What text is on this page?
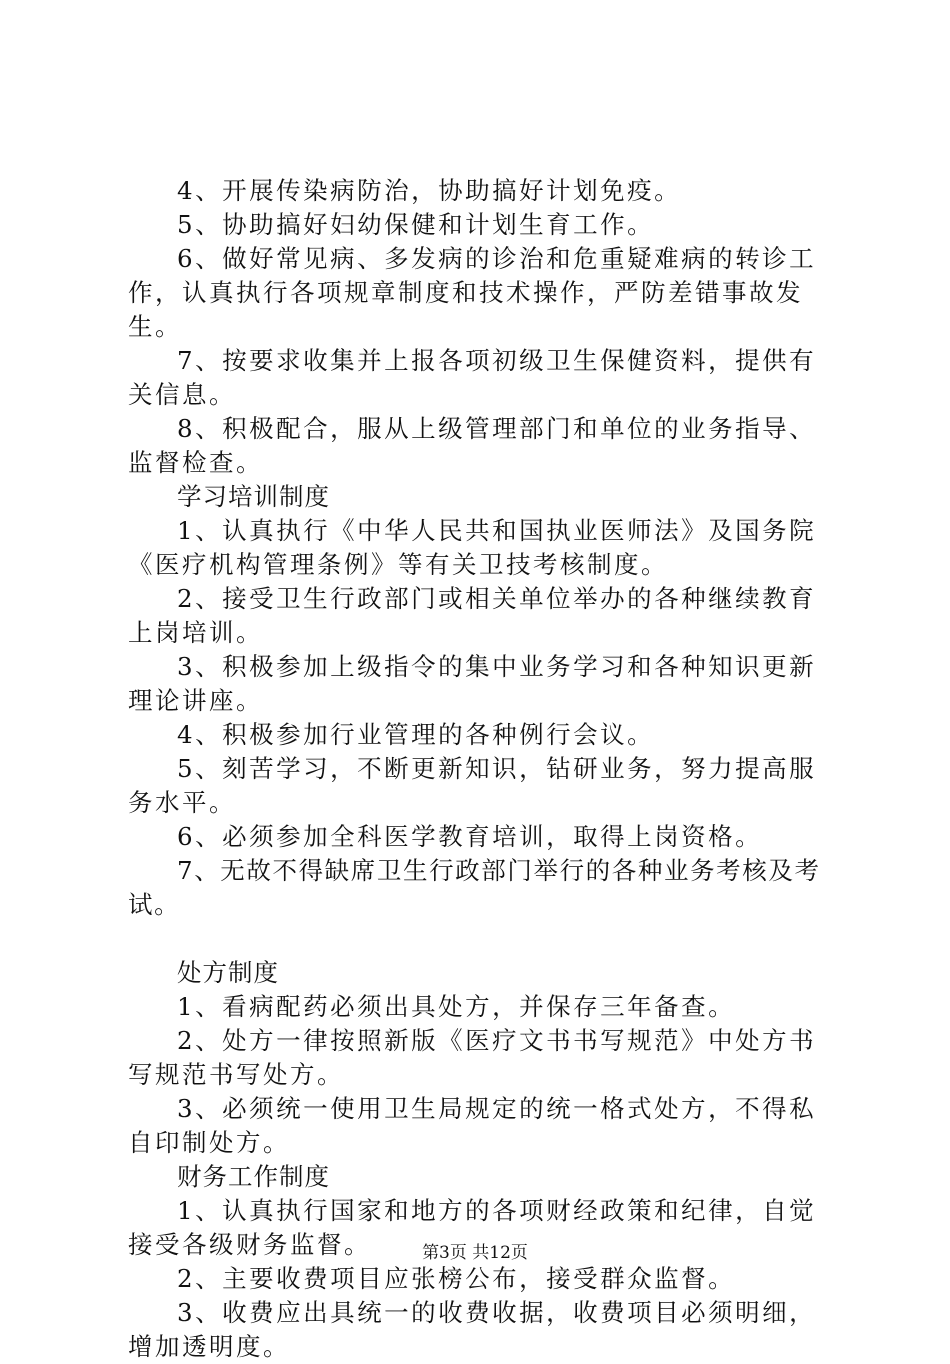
4、开展传染病防治，协助搞好计划免疫。

5、协助搞好妇幼保健和计划生育工作。

6、做好常见病、多发病的诊治和危重疑难病的转诊工作，认真执行各项规章制度和技术操作，严防差错事故发生。

7、按要求收集并上报各项初级卫生保健资料，提供有关信息。

8、积极配合，服从上级管理部门和单位的业务指导、监督检查。

学习培训制度

1、认真执行《中华人民共和国执业医师法》及国务院《医疗机构管理条例》等有关卫技考核制度。

2、接受卫生行政部门或相关单位举办的各种继续教育上岗培训。

3、积极参加上级指令的集中业务学习和各种知识更新理论讲座。

4、积极参加行业管理的各种例行会议。

5、刻苦学习，不断更新知识，钻研业务，努力提高服务水平。

6、必须参加全科医学教育培训，取得上岗资格。

7、无故不得缺席卫生行政部门举行的各种业务考核及考试。

处方制度

1、看病配药必须出具处方，并保存三年备查。

2、处方一律按照新版《医疗文书书写规范》中处方书写规范书写处方。

3、必须统一使用卫生局规定的统一格式处方，不得私自印制处方。

财务工作制度

1、认真执行国家和地方的各项财经政策和纪律，自觉接受各级财务监督。

2、主要收费项目应张榜公布，接受群众监督。

3、收费应出具统一的收费收据，收费项目必须明细，增加透明度。

第3页 共12页
